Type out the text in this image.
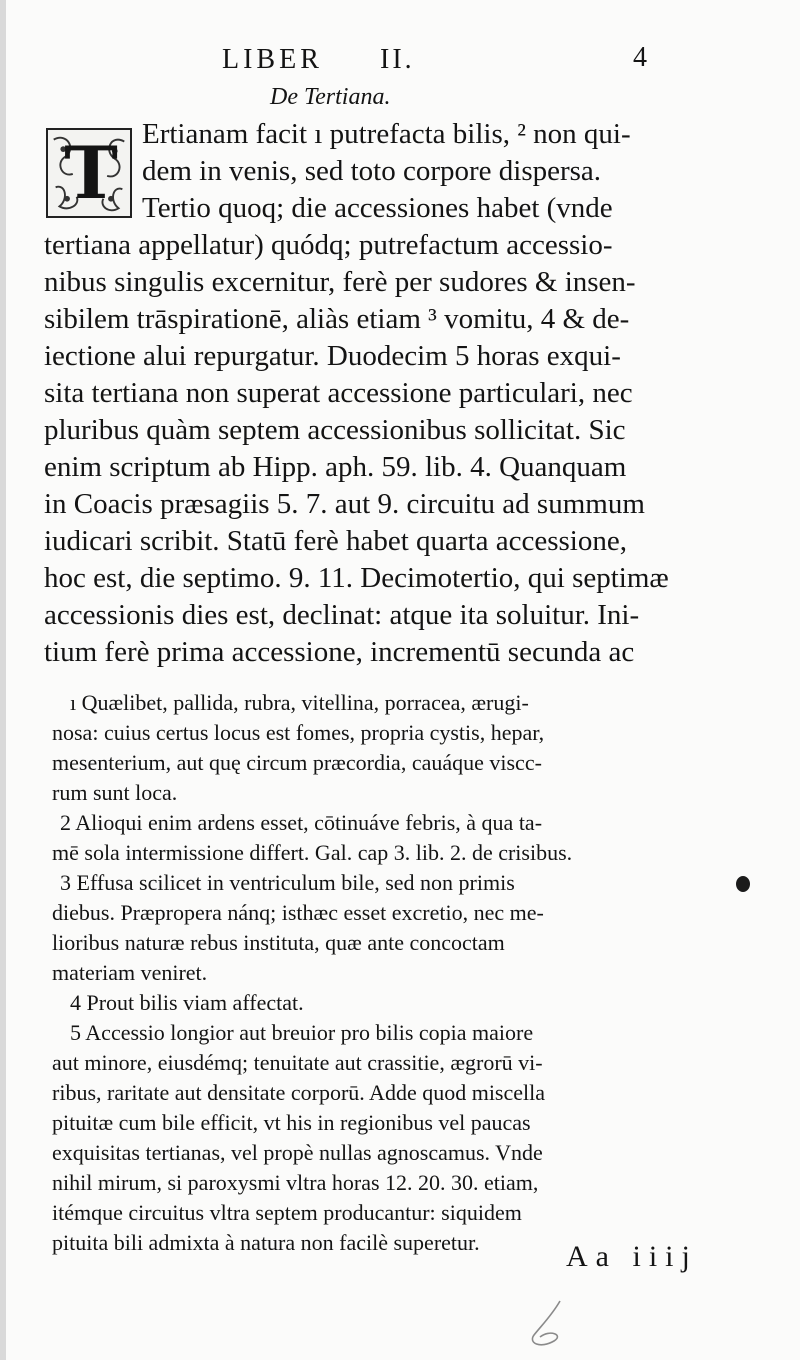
LIBER II.	4
De Tertiana.
T Ertianam facit ı putrefacta bilis, ² non qui-
dem in venis, sed toto corpore dispersa.
Tertio quoq; die accessiones habet (vnde
tertiana appellatur) quódq; putrefactum accessio-
nibus singulis excernitur, ferè per sudores & insen-
sibilem trāspirationē, aliàs etiam ³ vomitu, 4 & de-
iectione alui repurgatur. Duodecim 5 horas exqui-
sita tertiana non superat accessione particulari, nec
pluribus quàm septem accessionibus sollicitat. Sic
enim scriptum ab Hipp. aph. 59. lib. 4. Quanquam
in Coacis præsagiis 5. 7. aut 9. circuitu ad summum
iudicari scribit. Statū ferè habet quarta accessione,
hoc est, die septimo. 9. 11. Decimotertio, qui septimæ
accessionis dies est, declinat: atque ita soluitur. Ini-
tium ferè prima accessione, incrementū secunda ac
ı Quælibet, pallida, rubra, vitellina, porracea, ærugi-
nosa: cuius certus locus est fomes, propria cystis, hepar,
mesenterium, aut quę circum præcordia, cauáque viscc-
rum sunt loca.
2 Alioqui enim ardens esset, cōtinuáve febris, à qua ta-
mē sola intermissione differt. Gal. cap 3. lib. 2. de crisibus.
3 Effusa scilicet in ventriculum bile, sed non primis
diebus. Præpropera nánq; isthæc esset excretio, nec me-
lioribus naturæ rebus instituta, quæ ante concoctam
materiam veniret.
4 Prout bilis viam affectat.
5 Accessio longior aut breuior pro bilis copia maiore
aut minore, eiusdémq; tenuitate aut crassitie, ægrorū vi-
ribus, raritate aut densitate corporū. Adde quod miscella
pituitæ cum bile efficit, vt his in regionibus vel paucas
exquisitas tertianas, vel propè nullas agnoscamus. Vnde
nihil mirum, si paroxysmi vltra horas 12. 20. 30. etiam,
itémque circuitus vltra septem producantur: siquidem
pituita bili admixta à natura non facilè superetur.	Aa iiij
